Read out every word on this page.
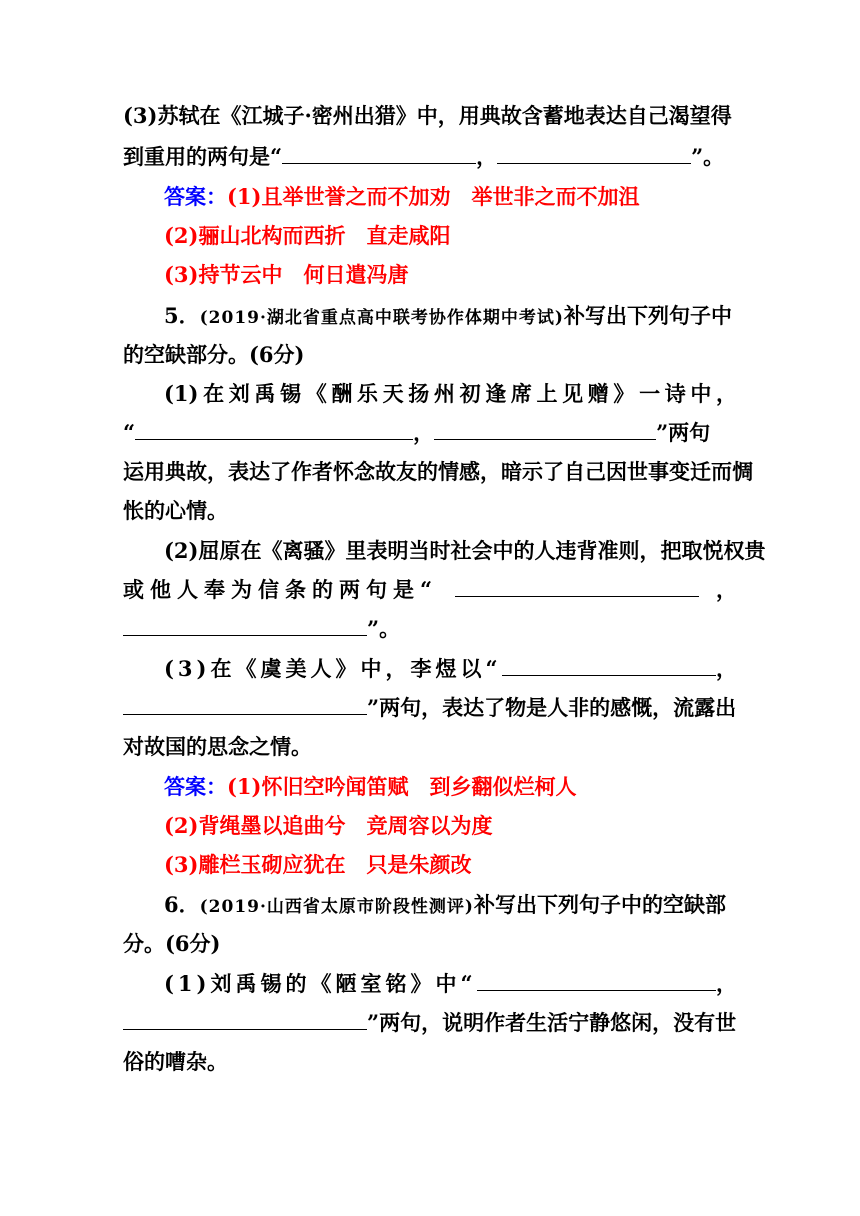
(3)苏轼在《江城子·密州出猎》中，用典故含蓄地表达自己渴望得
到重用的两句是“	，	”。
答案：(1)且举世誉之而不加劝　举世非之而不加沮
(2)骊山北构而西折　直走咸阳
(3)持节云中　何日遣冯唐
5．(2019·湖北省重点高中联考协作体期中考试)补写出下列句子中
的空缺部分。(6分)
(1)在刘禹锡《酬乐天扬州初逢席上见赠》一诗中，
“	，	”两句
运用典故，表达了作者怀念故友的情感，暗示了自己因世事变迁而惆
怅的心情。
(2)屈原在《离骚》里表明当时社会中的人违背准则，把取悦权贵
或他人奉为信条的两句是“	，
”。
(3)在《虞美人》中，李煜以“	，
”两句，表达了物是人非的感慨，流露出
对故国的思念之情。
答案：(1)怀旧空吟闻笛赋　到乡翻似烂柯人
(2)背绳墨以追曲兮　竞周容以为度
(3)雕栏玉砌应犹在　只是朱颜改
6．(2019·山西省太原市阶段性测评)补写出下列句子中的空缺部
分。(6分)
(1)刘禹锡的《陋室铭》中“	，
”两句，说明作者生活宁静悠闲，没有世
俗的嘈杂。
